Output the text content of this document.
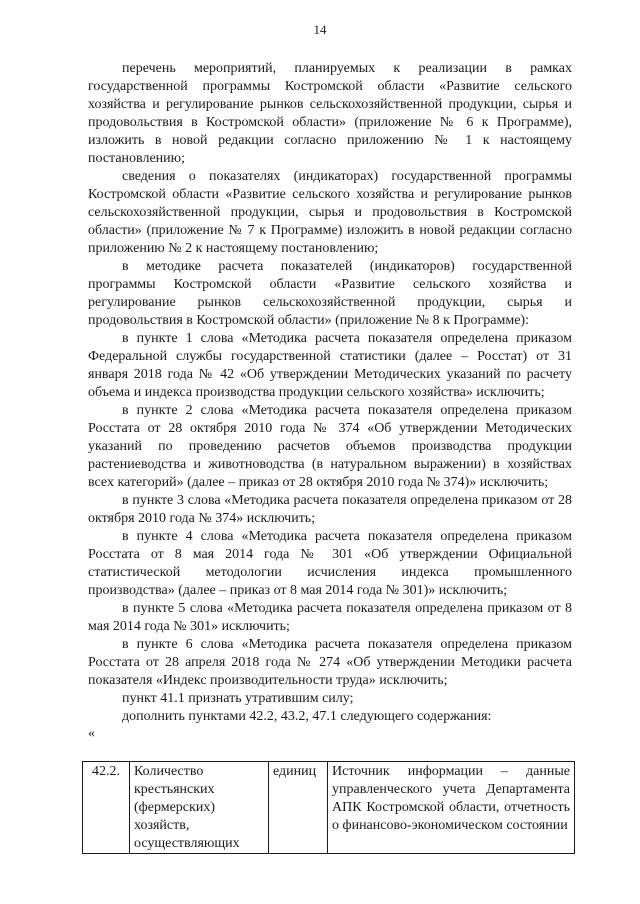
14

перечень мероприятий, планируемых к реализации в рамках государственной программы Костромской области «Развитие сельского хозяйства и регулирование рынков сельскохозяйственной продукции, сырья и продовольствия в Костромской области» (приложение № 6 к Программе), изложить в новой редакции согласно приложению № 1 к настоящему постановлению;

сведения о показателях (индикаторах) государственной программы Костромской области «Развитие сельского хозяйства и регулирование рынков сельскохозяйственной продукции, сырья и продовольствия в Костромской области» (приложение № 7 к Программе) изложить в новой редакции согласно приложению № 2 к настоящему постановлению;

в методике расчета показателей (индикаторов) государственной программы Костромской области «Развитие сельского хозяйства и регулирование рынков сельскохозяйственной продукции, сырья и продовольствия в Костромской области» (приложение № 8 к Программе):

в пункте 1 слова «Методика расчета показателя определена приказом Федеральной службы государственной статистики (далее – Росстат) от 31 января 2018 года № 42 «Об утверждении Методических указаний по расчету объема и индекса производства продукции сельского хозяйства» исключить;

в пункте 2 слова «Методика расчета показателя определена приказом Росстата от 28 октября 2010 года № 374 «Об утверждении Методических указаний по проведению расчетов объемов производства продукции растениеводства и животноводства (в натуральном выражении) в хозяйствах всех категорий» (далее – приказ от 28 октября 2010 года № 374)» исключить;

в пункте 3 слова «Методика расчета показателя определена приказом от 28 октября 2010 года № 374» исключить;

в пункте 4 слова «Методика расчета показателя определена приказом Росстата от 8 мая 2014 года № 301 «Об утверждении Официальной статистической методологии исчисления индекса промышленного производства» (далее – приказ от 8 мая 2014 года № 301)» исключить;

в пункте 5 слова «Методика расчета показателя определена приказом от 8 мая 2014 года № 301» исключить;

в пункте 6 слова «Методика расчета показателя определена приказом Росстата от 28 апреля 2018 года № 274 «Об утверждении Методики расчета показателя «Индекс производительности труда» исключить;

пункт 41.1 признать утратившим силу;

дополнить пунктами 42.2, 43.2, 47.1 следующего содержания:

«
42.2.	Количество крестьянских (фермерских) хозяйств, осуществляющих	единиц	Источник информации – данные управленческого учета Департамента АПК Костромской области, отчетность о финансово-экономическом состоянии
